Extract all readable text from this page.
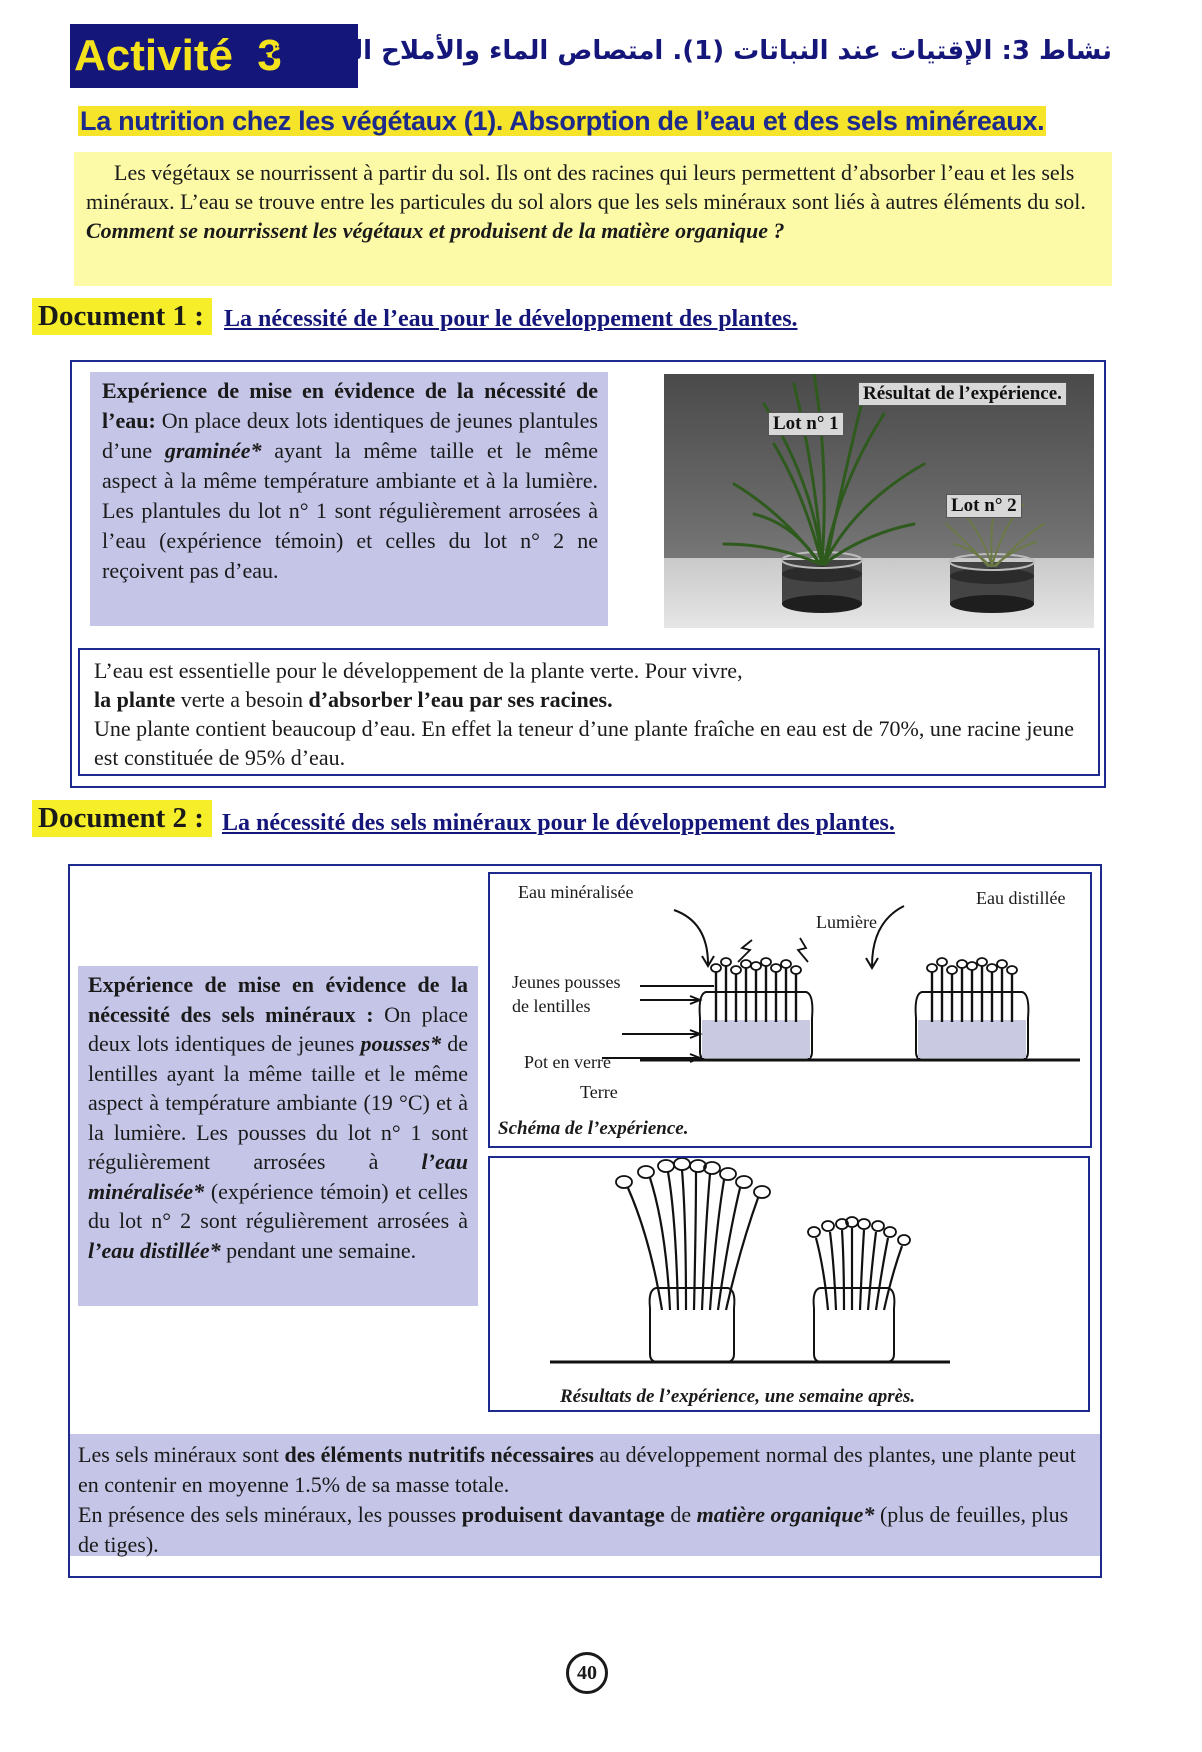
Activité  3
نشاط 3: الإقتيات عند النباتات (1). امتصاص الماء والأملاح المعدنية.
La nutrition chez les végétaux (1). Absorption de l’eau et des sels minéreaux.
Les végétaux se nourrissent à partir du sol. Ils ont des racines qui leurs permettent d’absorber l’eau et les sels minéraux. L’eau se trouve entre les particules du sol alors que les sels minéraux sont liés à autres éléments du sol.
Comment se nourrissent les végétaux et produisent de la matière organique ?
Document 1 : La nécessité de l’eau pour le développement des plantes.
Expérience de mise en évidence de la nécessité de l’eau: On place deux lots identiques de jeunes plantules d’une graminée* ayant la même taille et le même aspect à la même température ambiante et à la lumière. Les plantules du lot n° 1 sont régulièrement arrosées à l’eau (expérience témoin) et celles du lot n° 2 ne reçoivent pas d’eau.
Résultat de l’expérience.
Lot n° 1
Lot n° 2
L’eau est essentielle pour le développement de la plante verte. Pour vivre,
la plante verte a besoin d’absorber l’eau par ses racines.
Une plante contient beaucoup d’eau. En effet la teneur d’une plante fraîche en eau est de 70%, une racine jeune est constituée de 95% d’eau.
Document 2 : La nécessité des sels minéraux pour le développement des plantes.
Expérience de mise en évidence de la nécessité des sels minéraux : On place deux lots identiques de jeunes pousses* de lentilles ayant la même taille et le même aspect à température ambiante (19 °C) et à la lumière. Les pousses du lot n° 1 sont régulièrement arrosées à l’eau minéralisée* (expérience témoin) et celles du lot n° 2 sont régulièrement arrosées à l’eau distillée* pendant une semaine.
Eau minéralisée	Eau distillée
Lumière
Jeunes pousses
de lentilles
Pot en verre
Terre
Schéma de l’expérience.
Résultats de l’expérience, une semaine après.
Les sels minéraux sont des éléments nutritifs nécessaires au développement normal des plantes, une plante peut en contenir en moyenne 1.5% de sa masse totale.
En présence des sels minéraux, les pousses produisent davantage de matière organique* (plus de feuilles, plus de tiges).
40
